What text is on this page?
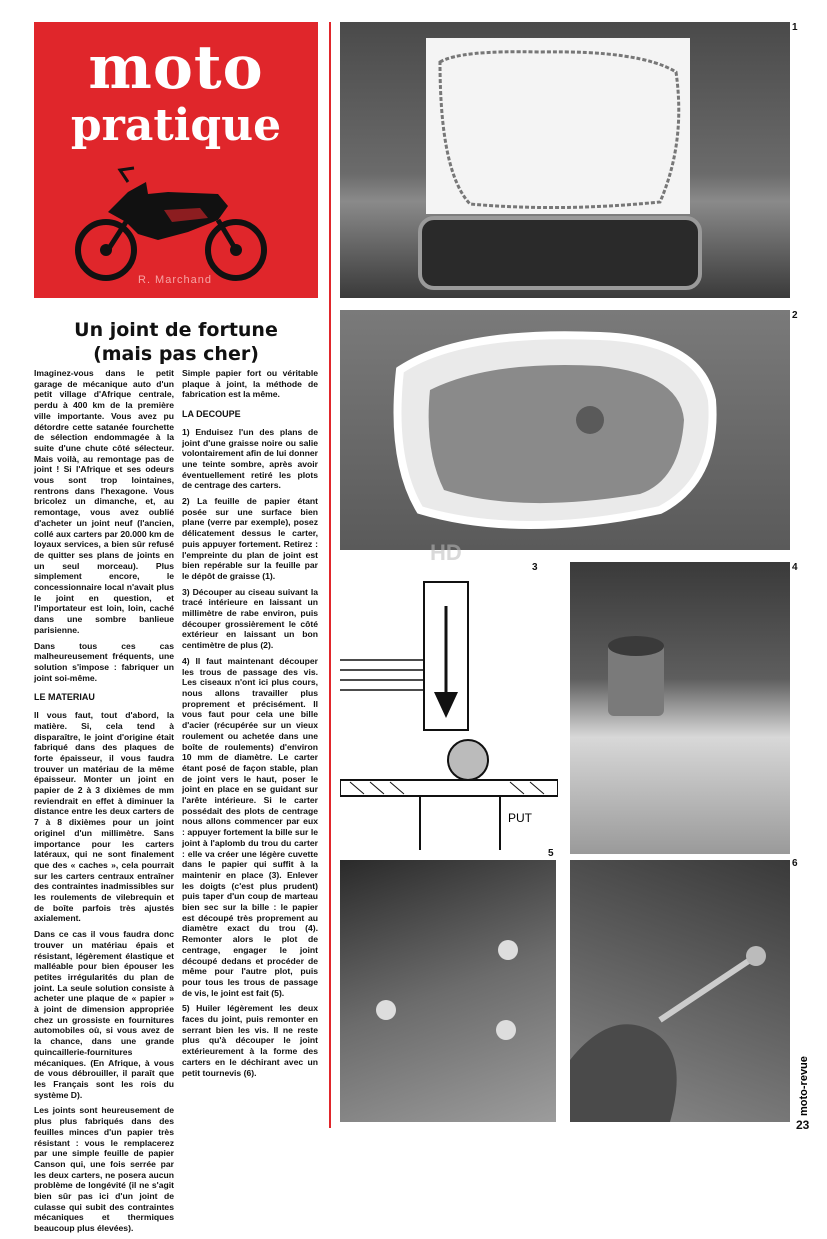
moto
pratique
R. Marchand
Un joint de fortune
(mais pas cher)

Imaginez-vous dans le petit garage de mécanique auto d'un petit village d'Afrique centrale, perdu à 400 km de la première ville importante. Vous avez pu détordre cette satanée fourchette de sélection endommagée à la suite d'une chute côté sélecteur. Mais voilà, au remontage pas de joint ! Si l'Afrique et ses odeurs vous sont trop lointaines, rentrons dans l'hexagone. Vous bricolez un dimanche, et, au remontage, vous avez oublié d'acheter un joint neuf (l'ancien, collé aux carters par 20.000 km de loyaux services, a bien sûr refusé de quitter ses plans de joints en un seul morceau). Plus simplement encore, le concessionnaire local n'avait plus le joint en question, et l'importateur est loin, loin, caché dans une sombre banlieue parisienne.

Dans tous ces cas malheureusement fréquents, une solution s'impose : fabriquer un joint soi-même.

LE MATERIAU

Il vous faut, tout d'abord, la matière. Si, cela tend à disparaître, le joint d'origine était fabriqué dans des plaques de forte épaisseur, il vous faudra trouver un matériau de la même épaisseur. Monter un joint en papier de 2 à 3 dixièmes de mm reviendrait en effet à diminuer la distance entre les deux carters de 7 à 8 dixièmes pour un joint originel d'un millimètre. Sans importance pour les carters latéraux, qui ne sont finalement que des « caches », cela pourrait sur les carters centraux entraîner des contraintes inadmissibles sur les roulements de vilebrequin et de boîte parfois très ajustés axialement.

Dans ce cas il vous faudra donc trouver un matériau épais et résistant, légèrement élastique et malléable pour bien épouser les petites irrégularités du plan de joint. La seule solution consiste à acheter une plaque de « papier » à joint de dimension appropriée chez un grossiste en fournitures automobiles où, si vous avez de la chance, dans une grande quincaillerie-fournitures mécaniques. (En Afrique, à vous de vous débrouiller, il paraît que les Français sont les rois du système D).

Les joints sont heureusement de plus plus fabriqués dans des feuilles minces d'un papier très résistant : vous le remplacerez par une simple feuille de papier Canson qui, une fois serrée par les deux carters, ne posera aucun problème de longévité (il ne s'agit bien sûr pas ici d'un joint de culasse qui subit des contraintes mécaniques et thermiques beaucoup plus élevées).

Simple papier fort ou véritable plaque à joint, la méthode de fabrication est la même.

LA DECOUPE

1) Enduisez l'un des plans de joint d'une graisse noire ou salie volontairement afin de lui donner une teinte sombre, après avoir éventuellement retiré les plots de centrage des carters.

2) La feuille de papier étant posée sur une surface bien plane (verre par exemple), posez délicatement dessus le carter, puis appuyer fortement. Retirez : l'empreinte du plan de joint est bien repérable sur la feuille par le dépôt de graisse (1).

3) Découper au ciseau suivant la tracé intérieure en laissant un millimètre de rabe environ, puis découper grossièrement le côté extérieur en laissant un bon centimètre de plus (2).

4) Il faut maintenant découper les trous de passage des vis. Les ciseaux n'ont ici plus cours, nous allons travailler plus proprement et précisément. Il vous faut pour cela une bille d'acier (récupérée sur un vieux roulement ou achetée dans une boîte de roulements) d'environ 10 mm de diamètre. Le carter étant posé de façon stable, plan de joint vers le haut, poser le joint en place en se guidant sur l'arête intérieure. Si le carter possédait des plots de centrage nous allons commencer par eux : appuyer fortement la bille sur le joint à l'aplomb du trou du carter : elle va créer une légère cuvette dans le papier qui suffit à la maintenir en place (3). Enlever les doigts (c'est plus prudent) puis taper d'un coup de marteau bien sec sur la bille : le papier est découpé très proprement au diamètre exact du trou (4). Remonter alors le plot de centrage, engager le joint découpé dedans et procéder de même pour l'autre plot, puis pour tous les trous de passage de vis, le joint est fait (5).

5) Huiler légèrement les deux faces du joint, puis remonter en serrant bien les vis. Il ne reste plus qu'à découper le joint extérieurement à la forme des carters en le déchirant avec un petit tournevis (6).

1
2
PUT
3	4
5
6
HD
moto-revue
23
